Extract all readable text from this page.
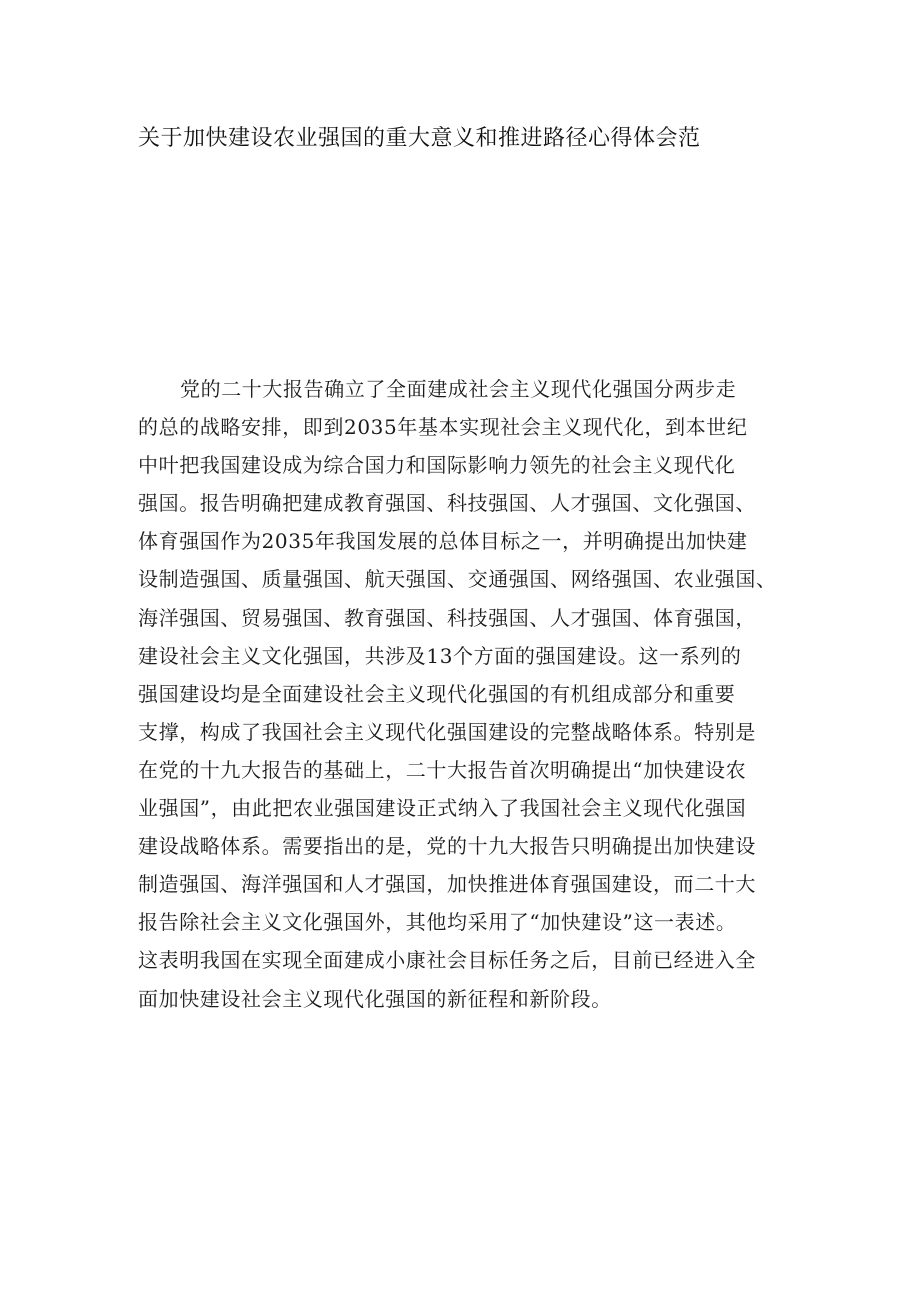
关于加快建设农业强国的重大意义和推进路径心得体会范
党的二十大报告确立了全面建成社会主义现代化强国分两步走
的总的战略安排，即到2035年基本实现社会主义现代化，到本世纪
中叶把我国建设成为综合国力和国际影响力领先的社会主义现代化
强国。报告明确把建成教育强国、科技强国、人才强国、文化强国、
体育强国作为2035年我国发展的总体目标之一，并明确提出加快建
设制造强国、质量强国、航天强国、交通强国、网络强国、农业强国、
海洋强国、贸易强国、教育强国、科技强国、人才强国、体育强国，
建设社会主义文化强国，共涉及13个方面的强国建设。这一系列的
强国建设均是全面建设社会主义现代化强国的有机组成部分和重要
支撑，构成了我国社会主义现代化强国建设的完整战略体系。特别是
在党的十九大报告的基础上，二十大报告首次明确提出“加快建设农
业强国”，由此把农业强国建设正式纳入了我国社会主义现代化强国
建设战略体系。需要指出的是，党的十九大报告只明确提出加快建设
制造强国、海洋强国和人才强国，加快推进体育强国建设，而二十大
报告除社会主义文化强国外，其他均采用了“加快建设”这一表述。
这表明我国在实现全面建成小康社会目标任务之后，目前已经进入全
面加快建设社会主义现代化强国的新征程和新阶段。
